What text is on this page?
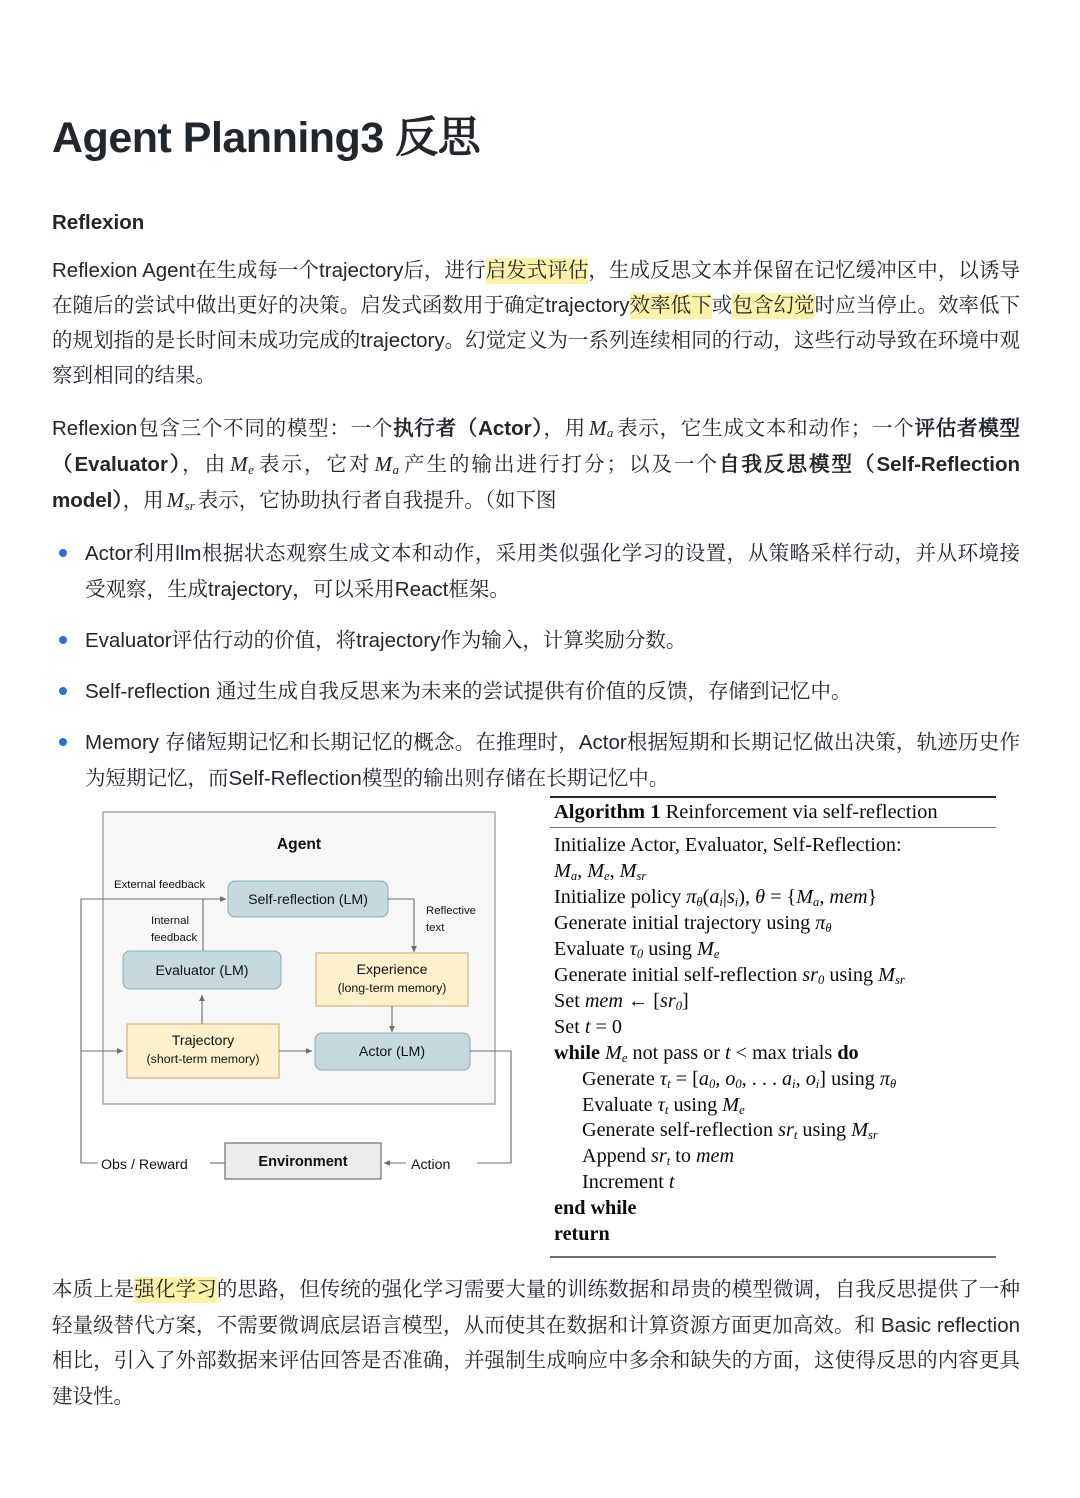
Agent Planning3 反思
Reflexion

Reflexion Agent在生成每一个trajectory后，进行启发式评估，生成反思文本并保留在记忆缓冲区中，以诱导在随后的尝试中做出更好的决策。启发式函数用于确定trajectory效率低下或包含幻觉时应当停止。效率低下的规划指的是长时间未成功完成的trajectory。幻觉定义为一系列连续相同的行动，这些行动导致在环境中观察到相同的结果。

Reflexion包含三个不同的模型：一个执行者（Actor），用 $M_a$ 表示，它生成文本和动作；一个评估者模型（Evaluator），由 $M_e$ 表示，它对 $M_a$ 产生的输出进行打分；以及一个自我反思模型（Self-Reflection model），用 $M_{sr}$ 表示，它协助执行者自我提升。（如下图

Actor利用llm根据状态观察生成文本和动作，采用类似强化学习的设置，从策略采样行动，并从环境接受观察，生成trajectory，可以采用React框架。
Evaluator评估行动的价值，将trajectory作为输入，计算奖励分数。
Self-reflection 通过生成自我反思来为未来的尝试提供有价值的反馈，存储到记忆中。
Memory 存储短期记忆和长期记忆的概念。在推理时，Actor根据短期和长期记忆做出决策，轨迹历史作为短期记忆，而Self-Reflection模型的输出则存储在长期记忆中。
Agent
External feedback
Internal
feedback
Self-reflection (LM)
Reflective
text
Evaluator (LM)	Experience
(long-term memory)
Trajectory
(short-term memory)	Actor (LM)
Obs / Reward	Environment	Action
Algorithm 1 Reinforcement via self-reflection
Initialize Actor, Evaluator, Self-Reflection:
$M_a$, $M_e$, $M_{sr}$
Initialize policy $\pi_\theta(a_i|s_i)$, $\theta = \{M_a$, mem}
Generate initial trajectory using $\pi_\theta$
Evaluate $\tau_0$ using $M_e$
Generate initial self-reflection $sr_0$ using $M_{sr}$
Set mem ← $[sr_0]$
Set t = 0
while $M_e$ not pass or t < max trials do
Generate $\tau_t = [a_0$, $o_0$, . . . $a_i$, $o_i$] using $\pi_\theta$
Evaluate $\tau_t$ using $M_e$
Generate self-reflection $sr_t$ using $M_{sr}$
Append $sr_t$ to mem
Increment t
end while
return

本质上是强化学习的思路，但传统的强化学习需要大量的训练数据和昂贵的模型微调，自我反思提供了一种轻量级替代方案，不需要微调底层语言模型，从而使其在数据和计算资源方面更加高效。和 Basic reflection 相比，引入了外部数据来评估回答是否准确，并强制生成响应中多余和缺失的方面，这使得反思的内容更具建设性。
